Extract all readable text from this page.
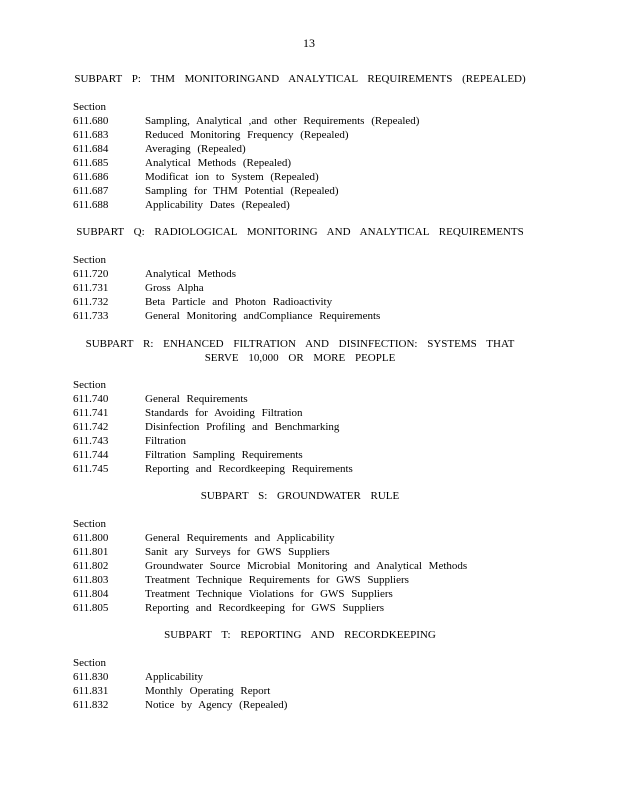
13
SUBPART P: THM MONITORINGAND ANALYTICAL REQUIREMENTS (REPEALED)
Section
611.680	Sampling, Analytical ,and other Requirements (Repealed)
611.683	Reduced Monitoring Frequency (Repealed)
611.684	Averaging (Repealed)
611.685	Analytical Methods (Repealed)
611.686	Modificat ion to System (Repealed)
611.687	Sampling for THM Potential (Repealed)
611.688	Applicability Dates (Repealed)
SUBPART Q: RADIOLOGICAL MONITORING AND ANALYTICAL REQUIREMENTS
Section
611.720	Analytical Methods
611.731	Gross Alpha
611.732	Beta Particle and Photon Radioactivity
611.733	General Monitoring andCompliance Requirements
SUBPART R: ENHANCED FILTRATION AND DISINFECTION: SYSTEMS THAT
SERVE 10,000 OR MORE PEOPLE
Section
611.740	General Requirements
611.741	Standards for Avoiding Filtration
611.742	Disinfection Profiling and Benchmarking
611.743	Filtration
611.744	Filtration Sampling Requirements
611.745	Reporting and Recordkeeping Requirements
SUBPART S: GROUNDWATER RULE
Section
611.800	General Requirements and Applicability
611.801	Sanit ary Surveys for GWS Suppliers
611.802	Groundwater Source Microbial Monitoring and Analytical Methods
611.803	Treatment Technique Requirements for GWS Suppliers
611.804	Treatment Technique Violations for GWS Suppliers
611.805	Reporting and Recordkeeping for GWS Suppliers
SUBPART T: REPORTING AND RECORDKEEPING
Section
611.830	Applicability
611.831	Monthly Operating Report
611.832	Notice by Agency (Repealed)
